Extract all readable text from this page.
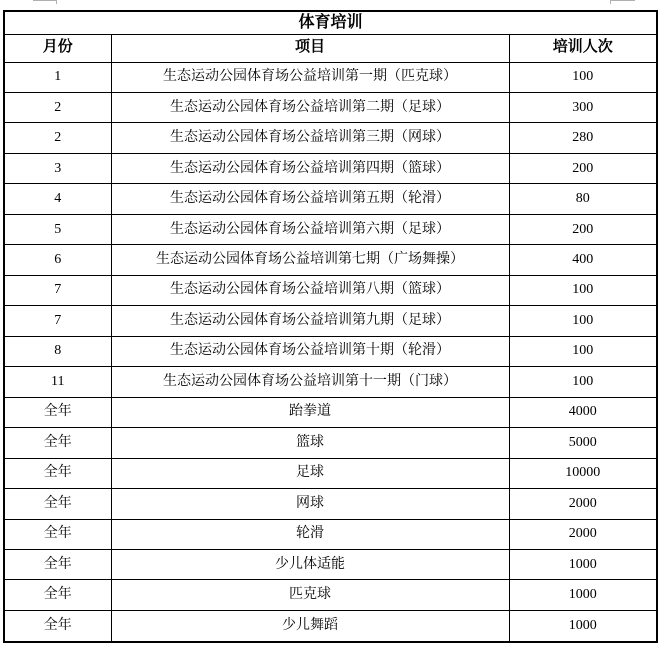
体育培训		
月份	项目	培训人次
1	生态运动公园体育场公益培训第一期（匹克球）	100
2	生态运动公园体育场公益培训第二期（足球）	300
2	生态运动公园体育场公益培训第三期（网球）	280
3	生态运动公园体育场公益培训第四期（篮球）	200
4	生态运动公园体育场公益培训第五期（轮滑）	80
5	生态运动公园体育场公益培训第六期（足球）	200
6	生态运动公园体育场公益培训第七期（广场舞操）	400
7	生态运动公园体育场公益培训第八期（篮球）	100
7	生态运动公园体育场公益培训第九期（足球）	100
8	生态运动公园体育场公益培训第十期（轮滑）	100
11	生态运动公园体育场公益培训第十一期（门球）	100
全年	跆拳道	4000
全年	篮球	5000
全年	足球	10000
全年	网球	2000
全年	轮滑	2000
全年	少儿体适能	1000
全年	匹克球	1000
全年	少儿舞蹈	1000
